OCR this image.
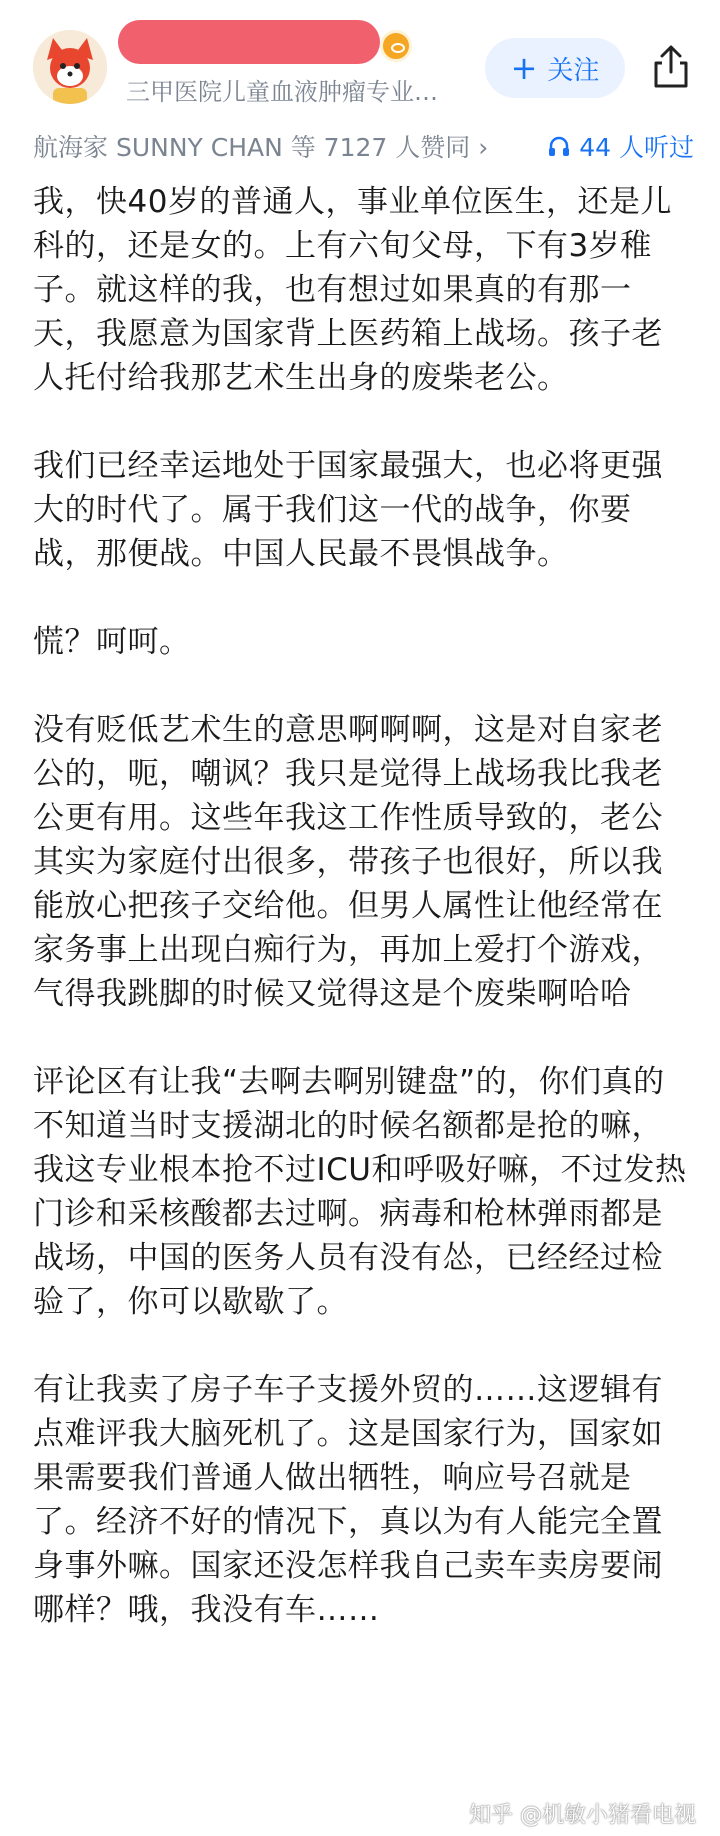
三甲医院儿童血液肿瘤专业…
+ 关注
航海家 SUNNY CHAN 等 7127 人赞同 ›	44 人听过

我，快40岁的普通人，事业单位医生，还是儿科的，还是女的。上有六旬父母，下有3岁稚子。就这样的我，也有想过如果真的有那一天，我愿意为国家背上医药箱上战场。孩子老人托付给我那艺术生出身的废柴老公。

我们已经幸运地处于国家最强大，也必将更强大的时代了。属于我们这一代的战争，你要战，那便战。中国人民最不畏惧战争。

慌？呵呵。

没有贬低艺术生的意思啊啊啊，这是对自家老公的，呃，嘲讽？我只是觉得上战场我比我老公更有用。这些年我这工作性质导致的，老公其实为家庭付出很多，带孩子也很好，所以我能放心把孩子交给他。但男人属性让他经常在家务事上出现白痴行为，再加上爱打个游戏，气得我跳脚的时候又觉得这是个废柴啊哈哈

评论区有让我“去啊去啊别键盘”的，你们真的不知道当时支援湖北的时候名额都是抢的嘛，我这专业根本抢不过ICU和呼吸好嘛，不过发热门诊和采核酸都去过啊。病毒和枪林弹雨都是战场，中国的医务人员有没有怂，已经经过检验了，你可以歇歇了。

有让我卖了房子车子支援外贸的……这逻辑有点难评我大脑死机了。这是国家行为，国家如果需要我们普通人做出牺牲，响应号召就是了。经济不好的情况下，真以为有人能完全置身事外嘛。国家还没怎样我自己卖车卖房要闹哪样？哦，我没有车……

知乎 @机敏小猪看电视
